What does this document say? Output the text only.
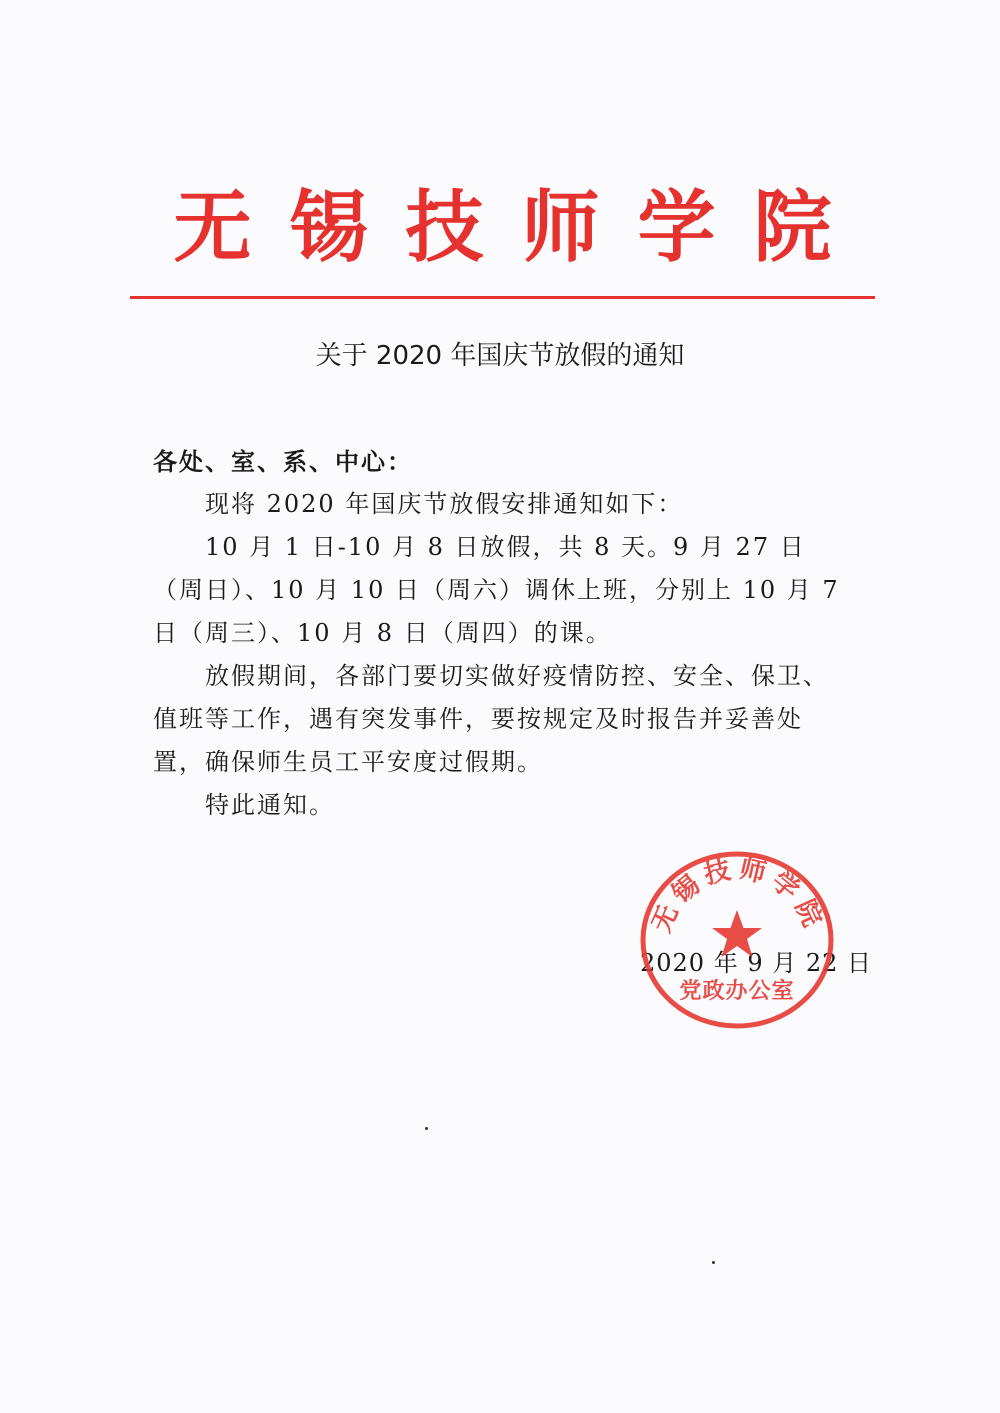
无锡技师学院
关于 2020 年国庆节放假的通知

各处、室、系、中心：

现将 2020 年国庆节放假安排通知如下：

10 月 1 日-10 月 8 日放假，共 8 天。9 月 27 日（周日）、10 月 10 日（周六）调休上班，分别上 10 月 7 日（周三）、10 月 8 日（周四）的课。

放假期间，各部门要切实做好疫情防控、安全、保卫、值班等工作，遇有突发事件，要按规定及时报告并妥善处置，确保师生员工平安度过假期。

特此通知。

2020 年 9 月 22 日
无锡技师学院
党政办公室
